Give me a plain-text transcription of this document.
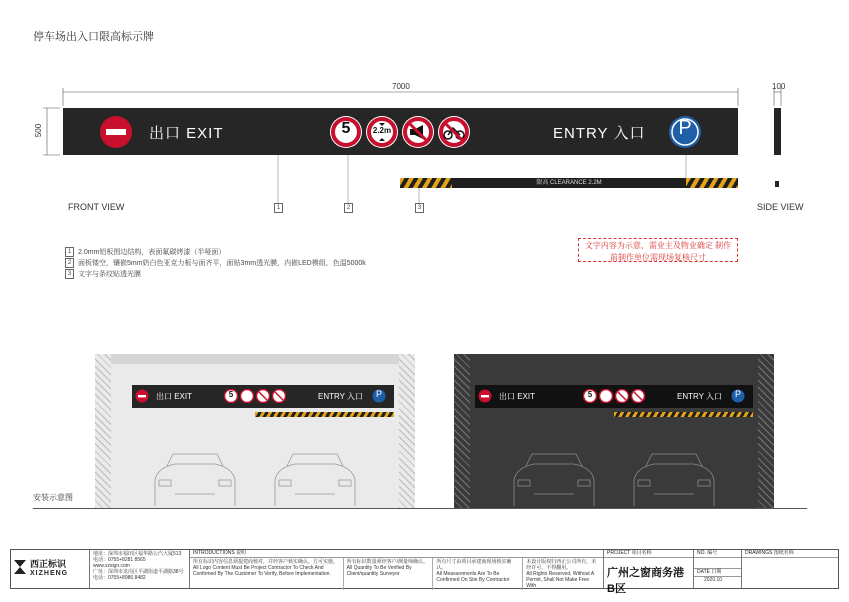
停车场出入口限高标示牌
7000	100
500	出口 EXIT	5	2.2m	ENTRY 入口	P
限高 CLEARANCE 2.2M
FRONT VIEW	SIDE VIEW
1	2	3
1 2.0mm铝板围边结构，表面氟碳烤漆（半哑面）
2 面板镂空，镶嵌5mm奶白色亚克力板与面齐平，面贴3mm透光膜，内嵌LED模组，色温5000k
3 文字与条纹贴透光膜
文字内容为示意，需业主及物业确定 制作前制作单位需现场复核尺寸
出口 EXIT	5	ENTRY 入口	P	出口 EXIT	5	ENTRY 入口	P
安装示意图
西正标识
XIZHENG
地址：深圳市福田区福华路公汽大厦513
电话：0755+8281 8565
www.xzsign.com
广址：深圳市龙岗区平湖街道平湖路38号
电话：0755+8986 8482
INTRODUCTIONS 说明
所有标识内容信息须提建商核对，并经客户核实确认，方可实施。
All Logo Content Must Be Project Contractor To Check And Confirmed By The Customer To Verify, Before Implementation.
所有标识数量须经客户/测量师确认。
All Quantity To Be Verified By Client/quantity Surveyor
所有尺寸由项目承建商现场核实确认。
All Measurements Are To Be Confirmed On Site By Contractor
本设计版权归西正公司所有，未经许可，不得翻用。
All Rights Reserved, Without A Permit, Shall Not Make Free With
PROJECT 项目名称
广州之窗商务港B区
NO. 编号
DATE 日期
2020.10
DRAWINGS 图纸名称
